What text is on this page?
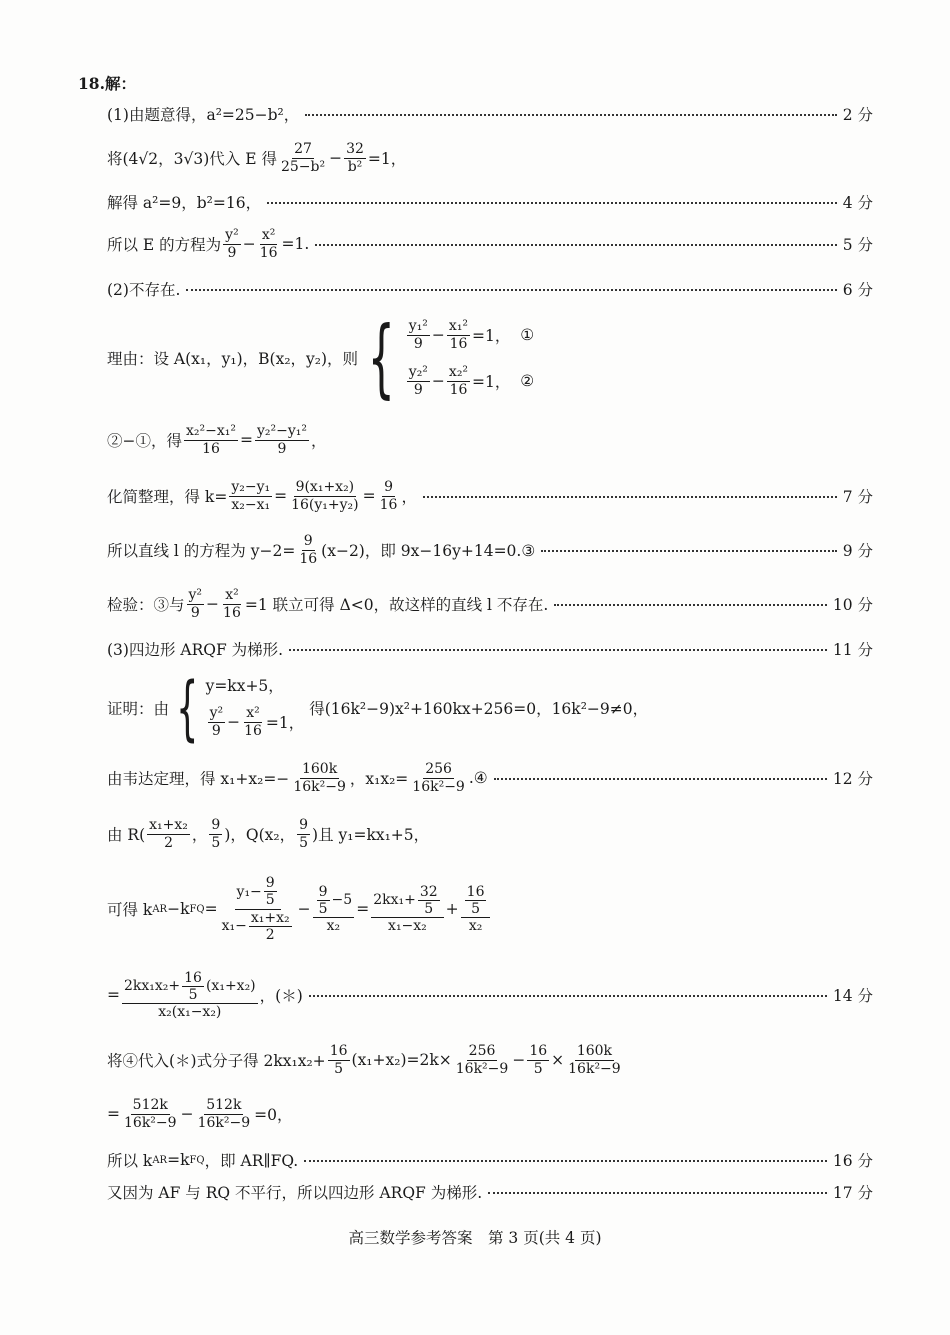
18.解：
(1)由题意得，a²=25−b²，	2 分
将(4√2，3√3)代入 E 得 $\frac{27}{\text{25−b²}} - \frac{32}{\text{b²}} =1$，
解得 a²=9，b²=16，	4 分
所以 E 的方程为 $\frac{\text{y²}}{9} - \frac{\text{x²}}{16} =1$.	5 分
(2)不存在.	6 分
理由：设 A(x₁，y₁)，B(x₂，y₂)，则 { $\frac{\text{y₁²}}{9} - \frac{\text{x₁²}}{16} =1$，
①
$\frac{\text{y₂²}}{9} - \frac{\text{x₂²}}{16} =1$，
②
②−①，得 $\frac{\text{x₂²−x₁²}}{16} = \frac{\text{y₂²−y₁²}}{9}$ ，
化简整理，得 $k= \frac{\text{y₂−y₁}}{\text{x₂−x₁}} = \frac{\text{9(x₁+x₂)}}{\text{16(y₁+y₂)}} = \frac{9}{16}$ ，	7 分
所以直线 l 的方程为 $y-2= \frac{9}{16} (x-2)$，即 9x−16y+14=0.③	9 分
检验：③与 $\frac{\text{y²}}{9} - \frac{\text{x²}}{16} =1$ 联立可得 Δ<0，故这样的直线 l 不存在.	10 分
(3)四边形 ARQF 为梯形.	11 分
证明：由 { y=kx+5，
$\frac{\text{y²}}{9} - \frac{\text{x²}}{16} =1$，

得(16k²−9)x²+160kx+256=0，16k²−9≠0，
由韦达定理，得 $x_1+x_2=- \frac{160k}{\text{16k²−9}}$ ，$x_1x_2= \frac{256}{\text{16k²−9}}$ .④	12 分
由 $R( \frac{\text{x₁+x₂}}{2}$ ， $\frac{9}{5}$ )，Q(x₂， $\frac{9}{5}$ )且 y₁=kx₁+5，
可得 k AR −k FQ = $\frac{y_1- \frac{9}{5}}{x_1- \frac{\text{x₁+x₂}}{2}} - \frac{\frac{9}{5} -5}{\text{x₂}} = \frac{2kx_1+ \frac{32}{5}}{\text{x₁−x₂}} + \frac{\frac{16}{5}}{\text{x₂}}$
= $\frac{2kx_1x_2+ \frac{16}{5} (x_1+x_2)}{\text{x₂(x₁−x₂)}}$ ，(＊)	14 分
将④代入(＊)式分子得 $2kx_1x_2+ \frac{16}{5} (x_1+x_2)=2k\times \frac{256}{\text{16k²−9}} - \frac{16}{5} \times \frac{160k}{\text{16k²−9}}$
= $\frac{512k}{\text{16k²−9}} - \frac{512k}{\text{16k²−9}} =0$，
所以 k AR =k FQ ，即 AR∥FQ.	16 分
又因为 AF 与 RQ 不平行，所以四边形 ARQF 为梯形.	17 分
高三数学参考答案　第 3 页(共 4 页)
